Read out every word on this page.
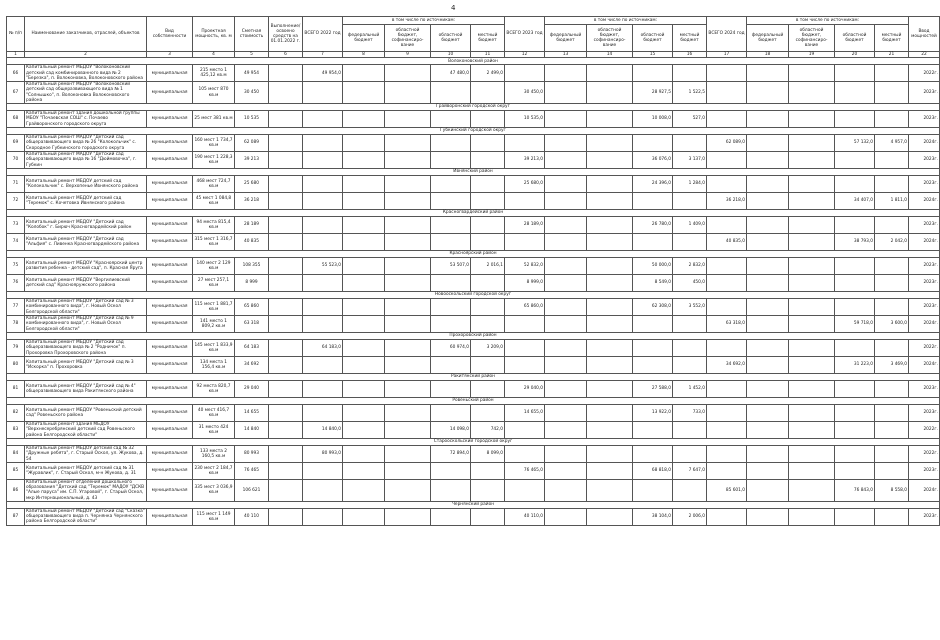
4
№ п/п	Наименование заказчиков, отраслей, объектов	Вид собственности	Проектная мощность, кв. м	Сметная стоимость	Выполнение/освоено средств на 01.01.2022 г.	ВСЕГО 2022 год	в том числе по источникам:				ВСЕГО 2023 год	в том числе по источникам:				ВСЕГО 2024 год	в том числе по источникам:				Ввод мощностей
							федеральный бюджет	областной бюджет, софинансиро-вание	областной бюджет	местный бюджет		федеральный бюджет	областной бюджет, софинансиро-вание	областной бюджет	местный бюджет		федеральный бюджет	областной бюджет, софинансиро-вание	областной бюджет	местный бюджет	

1	2	3	4	5	6	7	8	9	10	11	12	13	14	15	16	17	18	19	20	21	22
Волоконовский район																					
66	Капитальный ремонт МБДОУ "Волоконовский детский сад комбинированного вида № 2 "Березка", п. Волоконовка, Волоконовского района	муниципальная	215 место 1 425,12 кв.м	49 954		49 954,0			47 480,0	2 499,0											2022г.
67	Капитальный ремонт МБДОУ "Волоконовский детский сад общеразвивающего вида № 1 "Солнышко", п. Волоконовка Волоконовского района	муниципальная	105 мест 870 кв.м	30 450							30 450,0			28 927,5	1 522,5						2023г.
Грайворонский городской округ																					
68	Капитальный ремонт здания дошкольной группы МБОУ "Почаевская СОШ" с. Почаево Грайворонского городского округа	муниципальная	25 мест 381 кв.м	10 535							10 535,0			10 008,0	527,0						2023г.
Губкинский городской округ																					
69	Капитальный ремонт МАДОУ "Детский сад общеразвивающего вида № 26 "Колокольчик" с. Скородное Губкинского городского округа	муниципальная	160 мест 1 734,7 кв.м	62 089												62 089,0			57 132,0	4 957,0	2024г.
70	Капитальный ремонт МАДОУ "Детский сад общеразвивающего вида № 16 "Дюймовочка", г. Губкин	муниципальная	190 мест 1 228,3 кв.м	39 213							39 213,0			36 076,0	3 137,0						2023г.
Ивнянский район																					
71	Капитальный ремонт МБДОУ детский сад "Колокольчик" с. Верхопенье Ивнянского района	муниципальная	468 мест 724,7 кв.м	25 680							25 680,0			24 396,0	1 284,0						2023г.
72	Капитальный ремонт МБДОУ детский сад "Теремок" с. Кочетовка Ивнянского района	муниципальная	45 мест 1 084,8 кв.м	36 218												36 218,0			34 407,0	1 811,0	2024г.
Красногвардейский район																					
73	Капитальный ремонт МБДОУ "Детский сад "Колобок" г. Бирюч Красногвардейский район	муниципальная	94 места 815,4 кв.м	28 189							28 189,0			26 780,0	1 409,0						2023г.
74	Капитальный ремонт МБДОУ "Детский сад "Альфия" с. Ливенка Красногвардейского района	муниципальная	315 мест 1 316,7 кв.м	40 835												40 835,0			38 793,0	2 042,0	2024г.
Красноярский район																					
75	Капитальный ремонт МБДОУ "Красноярский центр развития ребенка - детский сад", п. Красная Яруга	муниципальная	140 мест 2 129 кв.м	108 355		55 523,0			53 507,0	2 016,1	52 832,0			50 000,0	2 832,0						2023г.
76	Капитальный ремонт МБДОУ "Вергилиевский детский сад" Краснояружского района	муниципальная	27 мест 257,1 кв.м	8 999							8 999,0			8 549,0	450,0						2023г.
Новооскольский городской округ																					
77	Капитальный ремонт МБДОУ "Детский сад № 3 комбинированного вида", г. Новый Оскол Белгородской области"	муниципальная	115 мест 1 881,7 кв.м	65 860							65 860,0			62 308,0	3 552,0						2023г.
78	Капитальный ремонт МБДОУ "Детский сад № 9 комбинированного вида", г. Новый Оскол Белгородской области"	муниципальная	141 место 1 809,2 кв.м	63 318												63 318,0			59 718,0	3 600,0	2024г.
Прохоровский район																					
79	Капитальный ремонт МБДОУ "Детский сад общеразвивающего вида № 2 "Родничок" п. Прохоровка Прохоровского района	муниципальная	145 мест 1 833,9 кв.м	64 183		64 183,0			60 974,0	3 209,0											2022г.
80	Капитальный ремонт МБДОУ "Детский сад № 3 "Искорка" п. Прохоровка	муниципальная	134 места 1 156,4 кв.м	34 692												34 692,0			31 223,0	3 469,0	2024г.
Ракитянский район																					
81	Капитальный ремонт МБДОУ "Детский сад № 4" общеразвивающего вида Ракитянского района	муниципальная	92 места 820,7 кв.м	29 040							29 040,0			27 588,0	1 452,0						2023г.
Ровеньский район																					
82	Капитальный ремонт МБДОУ "Ровеньский детский сад" Ровеньского района	муниципальная	40 мест 416,7 кв.м	14 655							14 655,0			13 922,0	733,0						2023г.
83	Капитальный ремонт здания МБДОУ "Верхнесеребрянский детский сад Ровеньского района Белгородской области"	муниципальная	31 место 424 кв.м	14 840		14 840,0			14 098,0	742,0											2022г.
Старооскольский городской округ																					
84	Капитальный ремонт МБДОУ детский сад № 32 "Дружные ребята", г. Старый Оскол, ул. Жукова, д. 54	муниципальная	133 места 2 160,5 кв.м	80 993		80 993,0			72 894,0	8 099,0											2022г.
85	Капитальный ремонт МБДОУ детский сад № 31 "Журавлик", г. Старый Оскол, м-н Жукова, д. 31	муниципальная	230 мест 2 184,7 кв.м	76 465							76 465,0			68 818,0	7 647,0						2023г.
86	Капитальный ремонт отделения дошкольного образования "Детский сад "Теремок" МАДОУ "ДСКВ "Алые паруса" им. С.П. Угаровой", г. Старый Оскол, мкр Интернациональный, д. 43	муниципальная	335 мест 3 036,9 кв.м	106 621												85 601,0			76 843,0	8 558,0	2024г.
Чернянский район																					
87	Капитальный ремонт МБДОУ "Детский сад "Сказка" общеразвивающего вида п. Чернянка Чернянского района Белгородской области"	муниципальная	115 мест 1 149 кв.м	40 110							40 110,0			38 104,0	2 006,0						2023г.
